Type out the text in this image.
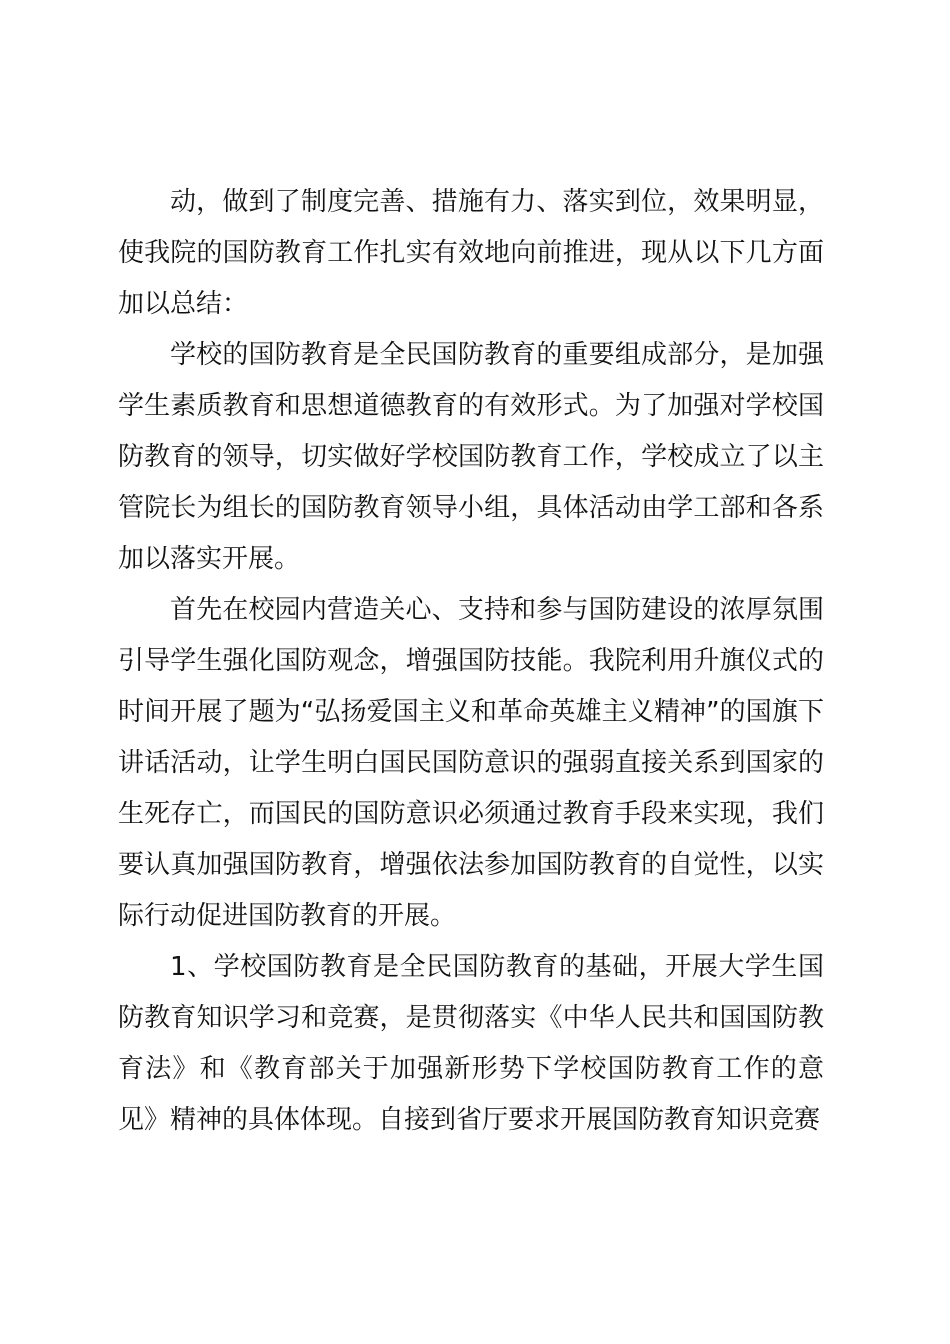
动，做到了制度完善、措施有力、落实到位，效果明显，使我院的国防教育工作扎实有效地向前推进，现从以下几方面加以总结：

学校的国防教育是全民国防教育的重要组成部分，是加强学生素质教育和思想道德教育的有效形式。为了加强对学校国防教育的领导，切实做好学校国防教育工作，学校成立了以主管院长为组长的国防教育领导小组，具体活动由学工部和各系加以落实开展。

首先在校园内营造关心、支持和参与国防建设的浓厚氛围引导学生强化国防观念，增强国防技能。我院利用升旗仪式的时间开展了题为“弘扬爱国主义和革命英雄主义精神”的国旗下讲话活动，让学生明白国民国防意识的强弱直接关系到国家的生死存亡，而国民的国防意识必须通过教育手段来实现，我们要认真加强国防教育，增强依法参加国防教育的自觉性，以实际行动促进国防教育的开展。

1、学校国防教育是全民国防教育的基础，开展大学生国防教育知识学习和竞赛，是贯彻落实《中华人民共和国国防教育法》和《教育部关于加强新形势下学校国防教育工作的意见》精神的具体体现。自接到省厅要求开展国防教育知识竞赛
